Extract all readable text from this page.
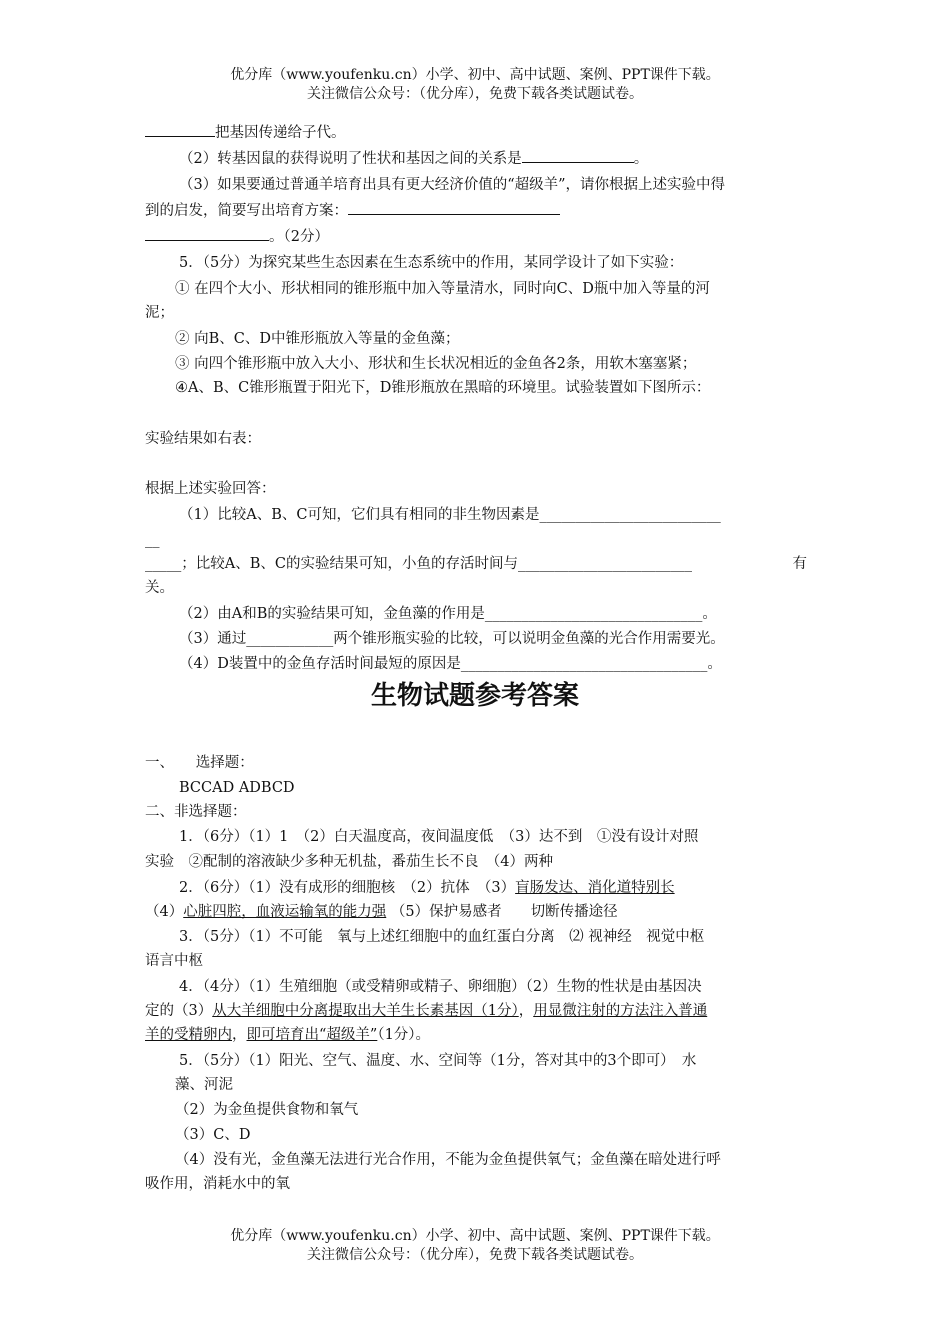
优分库（www.youfenku.cn）小学、初中、高中试题、案例、PPT课件下载。
关注微信公众号：（优分库），免费下载各类试题试卷。
把基因传递给子代。
（2）转基因鼠的获得说明了性状和基因之间的关系是	。
（3）如果要通过普通羊培育出具有更大经济价值的“超级羊”，请你根据上述实验中得
到的启发，简要写出培育方案：
。（2分）
5．（5分）为探究某些生态因素在生态系统中的作用，某同学设计了如下实验：
① 在四个大小、形状相同的锥形瓶中加入等量清水，同时向C、D瓶中加入等量的河
泥；
② 向B、C、D中锥形瓶放入等量的金鱼藻；
③ 向四个锥形瓶中放入大小、形状和生长状况相近的金鱼各2条，用软木塞塞紧；
④A、B、C锥形瓶置于阳光下，D锥形瓶放在黑暗的环境里。试验装置如下图所示：
实验结果如右表：
根据上述实验回答：
（1）比较A、B、C可知，它们具有相同的非生物因素是_________________________
__
_____；比较A、B、C的实验结果可知，小鱼的存活时间与________________________	有
关。
（2）由A和B的实验结果可知，金鱼藻的作用是______________________________。
（3）通过____________两个锥形瓶实验的比较，可以说明金鱼藻的光合作用需要光。
（4）D装置中的金鱼存活时间最短的原因是__________________________________。
生物试题参考答案
一、　　选择题：
BCCAD ADBCD
二、非选择题：
1．（6分）（1）1　（2）白天温度高，夜间温度低　（3）达不到　①没有设计对照
实验　②配制的溶液缺少多种无机盐，番茄生长不良　（4）两种
2．（6分）（1）没有成形的细胞核　（2）抗体　（3）盲肠发达、消化道特别长
（4）心脏四腔，血液运输氧的能力强 （5）保护易感者　　切断传播途径
3．（5分）（1）不可能　氧与上述红细胞中的血红蛋白分离　⑵ 视神经　视觉中枢
语言中枢
4．（4分）（1）生殖细胞（或受精卵或精子、卵细胞）（2）生物的性状是由基因决
定的（3）从大羊细胞中分离提取出大羊生长素基因（1分），用显微注射的方法注入普通
羊的受精卵内，即可培育出“超级羊”（1分）。
5．（5分）（1）阳光、空气、温度、水、空间等（1分，答对其中的3个即可）　水
藻、河泥
（2）为金鱼提供食物和氧气
（3）C、D
（4）没有光，金鱼藻无法进行光合作用，不能为金鱼提供氧气；金鱼藻在暗处进行呼
吸作用，消耗水中的氧
优分库（www.youfenku.cn）小学、初中、高中试题、案例、PPT课件下载。
关注微信公众号：（优分库），免费下载各类试题试卷。
